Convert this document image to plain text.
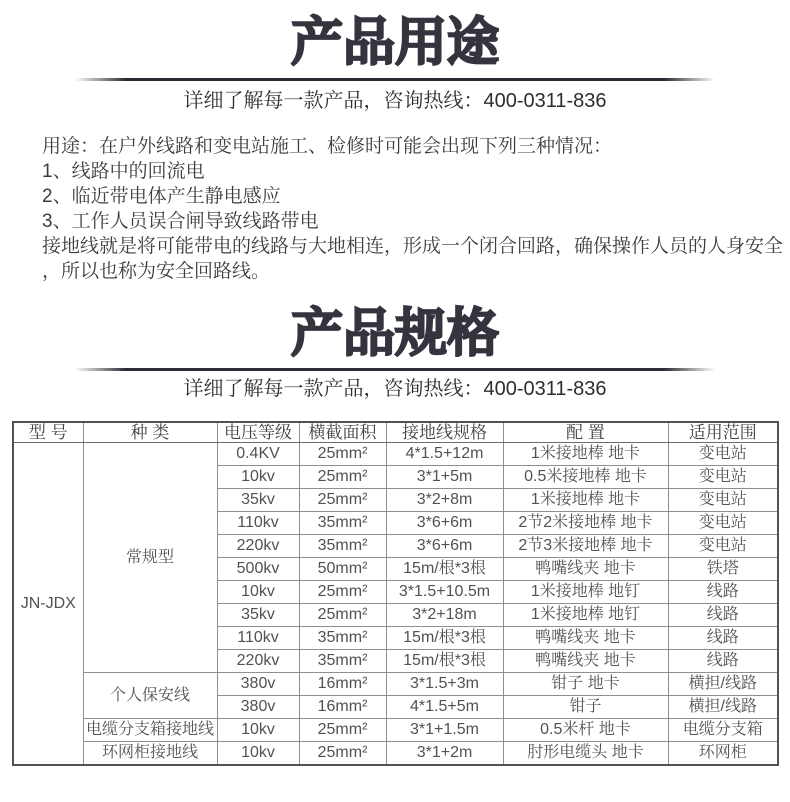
产品用途
详细了解每一款产品，咨询热线：400-0311-836
用途：在户外线路和变电站施工、检修时可能会出现下列三种情况：
1、线路中的回流电
2、临近带电体产生静电感应
3、工作人员误合闸导致线路带电
接地线就是将可能带电的线路与大地相连，形成一个闭合回路，确保操作人员的人身安全
，所以也称为安全回路线。
产品规格
详细了解每一款产品，咨询热线：400-0311-836
型 号	种 类	电压等级	横截面积	接地线规格	配 置	适用范围
JN-JDX	常规型	0.4KV	25mm²	4*1.5+12m	1米接地棒 地卡	变电站
		10kv	25mm²	3*1+5m	0.5米接地棒 地卡	变电站
		35kv	25mm²	3*2+8m	1米接地棒 地卡	变电站
		110kv	35mm²	3*6+6m	2节2米接地棒 地卡	变电站
		220kv	35mm²	3*6+6m	2节3米接地棒 地卡	变电站
		500kv	50mm²	15m/根*3根	鸭嘴线夹 地卡	铁塔
		10kv	25mm²	3*1.5+10.5m	1米接地棒 地钉	线路
		35kv	25mm²	3*2+18m	1米接地棒 地钉	线路
		110kv	35mm²	15m/根*3根	鸭嘴线夹 地卡	线路
		220kv	35mm²	15m/根*3根	鸭嘴线夹 地卡	线路
	个人保安线	380v	16mm²	3*1.5+3m	钳子 地卡	横担/线路
		380v	16mm²	4*1.5+5m	钳子	横担/线路
	电缆分支箱接地线	10kv	25mm²	3*1+1.5m	0.5米杆 地卡	电缆分支箱
	环网柜接地线	10kv	25mm²	3*1+2m	肘形电缆头 地卡	环网柜
